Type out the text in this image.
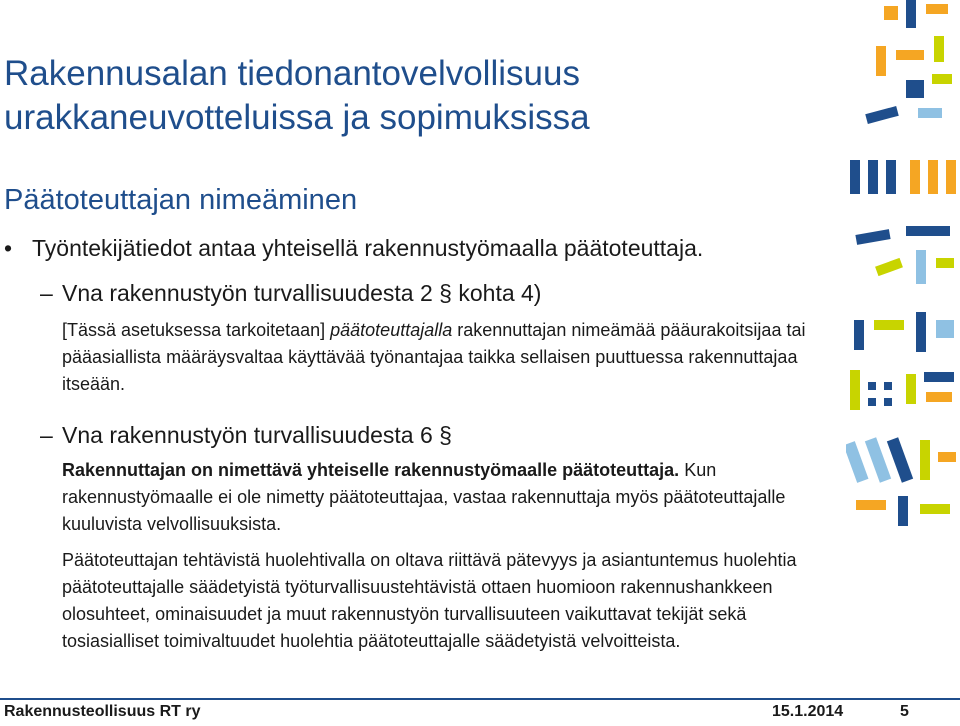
Rakennusalan tiedonantovelvollisuus
urakkaneuvotteluissa ja sopimuksissa
Päätoteuttajan nimeäminen
• Työntekijätiedot antaa yhteisellä rakennustyömaalla päätoteuttaja.
‒ Vna rakennustyön turvallisuudesta 2 § kohta 4)
[Tässä asetuksessa tarkoitetaan] päätoteuttajalla rakennuttajan nimeämää pääurakoitsijaa tai pääasiallista määräysvaltaa käyttävää työnantajaa taikka sellaisen puuttuessa rakennuttajaa itseään.
‒ Vna rakennustyön turvallisuudesta 6 §
Rakennuttajan on nimettävä yhteiselle rakennustyömaalle päätoteuttaja. Kun rakennustyömaalle ei ole nimetty päätoteuttajaa, vastaa rakennuttaja myös päätoteuttajalle kuuluvista velvollisuuksista.
Päätoteuttajan tehtävistä huolehtivalla on oltava riittävä pätevyys ja asiantuntemus huolehtia päätoteuttajalle säädetyistä työturvallisuustehtävistä ottaen huomioon rakennushankkeen olosuhteet, ominaisuudet ja muut rakennustyön turvallisuuteen vaikuttavat tekijät sekä tosiasialliset toimivaltuudet huolehtia päätoteuttajalle säädetyistä velvoitteista.
Rakennusteollisuus RT ry	15.1.2014	5
